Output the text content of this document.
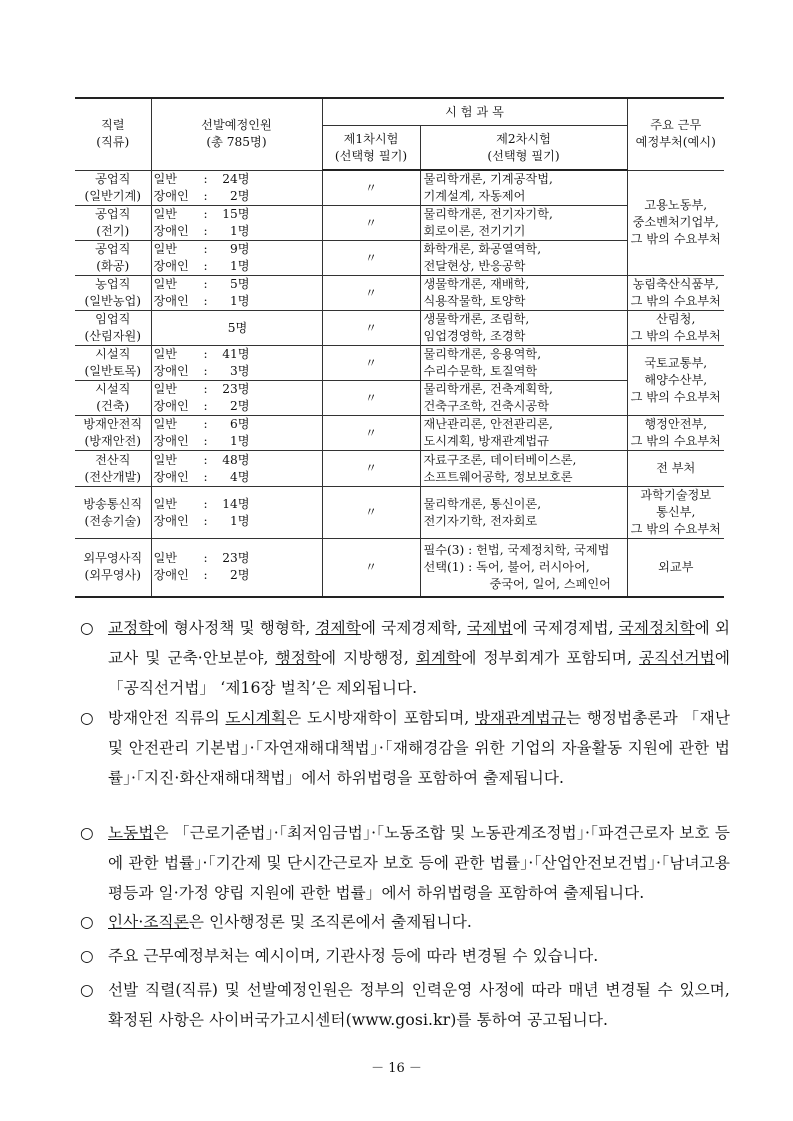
직렬
(직류)	선발예정인원
(총 785명)	시 험 과 목		주요 근무
예정부처(예시)

		제1차시험
(선택형 필기)	제2차시험
(선택형 필기)	

공업직
(일반기계)	일반 : 24명
장애인 : 2명	〃	물리학개론, 기계공작법,
기계설계, 자동제어	고용노동부,
중소벤처기업부,
그 밖의 수요부처

공업직
(전기)	일반 : 15명
장애인 : 1명	〃	물리학개론, 전기자기학,
회로이론, 전기기기	

공업직
(화공)	일반 : 9명
장애인 : 1명	〃	화학개론, 화공열역학,
전달현상, 반응공학	

농업직
(일반농업)	일반 : 5명
장애인 : 1명	〃	생물학개론, 재배학,
식용작물학, 토양학	농림축산식품부,
그 밖의 수요부처

임업직
(산림자원)	5명	〃	생물학개론, 조림학,
임업경영학, 조경학	산림청,
그 밖의 수요부처

시설직
(일반토목)	일반 : 41명
장애인 : 3명	〃	물리학개론, 응용역학,
수리수문학, 토질역학	국토교통부,
해양수산부,
그 밖의 수요부처

시설직
(건축)	일반 : 23명
장애인 : 2명	〃	물리학개론, 건축계획학,
건축구조학, 건축시공학	

방재안전직
(방재안전)	일반 : 6명
장애인 : 1명	〃	재난관리론, 안전관리론,
도시계획, 방재관계법규	행정안전부,
그 밖의 수요부처

전산직
(전산개발)	일반 : 48명
장애인 : 4명	〃	자료구조론, 데이터베이스론,
소프트웨어공학, 정보보호론	전 부처

방송통신직
(전송기술)	일반 : 14명
장애인 : 1명	〃	물리학개론, 통신이론,
전기자기학, 전자회로	과학기술정보
통신부,
그 밖의 수요부처

외무영사직
(외무영사)	일반 : 23명
장애인 : 2명	〃	필수(3) : 헌법, 국제정치학, 국제법
선택(1) : 독어, 불어, 러시아어,
중국어, 일어, 스페인어	외교부

○ 교정학에 형사정책 및 행형학, 경제학에 국제경제학, 국제법에 국제경제법, 국제정치학에 외교사 및 군축·안보분야, 행정학에 지방행정, 회계학에 정부회계가 포함되며, 공직선거법에 「공직선거법」 ‘제16장 벌칙’은 제외됩니다.

○ 방재안전 직류의 도시계획은 도시방재학이 포함되며, 방재관계법규는 행정법총론과 「재난 및 안전관리 기본법」·「자연재해대책법」·「재해경감을 위한 기업의 자율활동 지원에 관한 법률」·「지진·화산재해대책법」에서 하위법령을 포함하여 출제됩니다.

○ 노동법은 「근로기준법」·「최저임금법」·「노동조합 및 노동관계조정법」·「파견근로자 보호 등에 관한 법률」·「기간제 및 단시간근로자 보호 등에 관한 법률」·「산업안전보건법」·「남녀고용평등과 일·가정 양립 지원에 관한 법률」에서 하위법령을 포함하여 출제됩니다.

○ 인사·조직론은 인사행정론 및 조직론에서 출제됩니다.

○ 주요 근무예정부처는 예시이며, 기관사정 등에 따라 변경될 수 있습니다.

○ 선발 직렬(직류) 및 선발예정인원은 정부의 인력운영 사정에 따라 매년 변경될 수 있으며, 확정된 사항은 사이버국가고시센터(www.gosi.kr)를 통하여 공고됩니다.

－ 16 －
